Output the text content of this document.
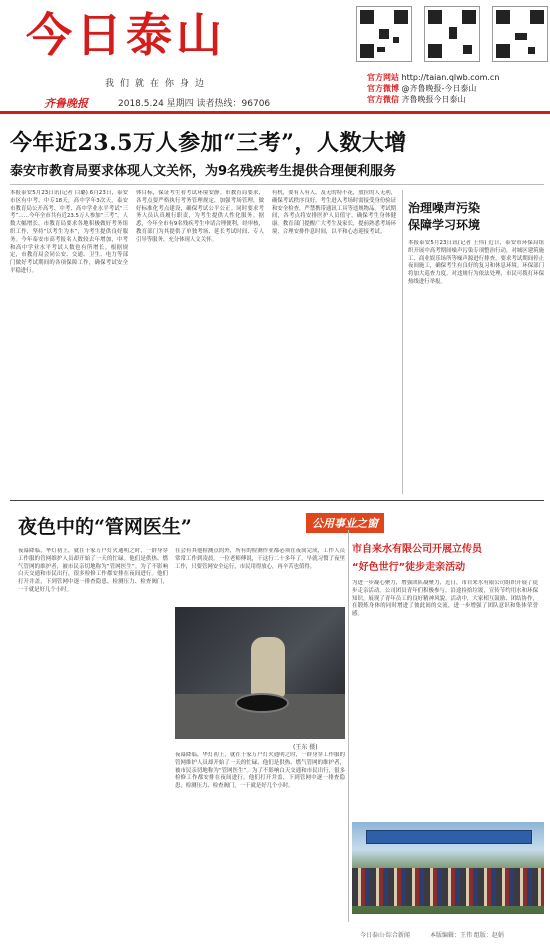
今日泰山
我们就在你身边
齐鲁晚报	2018.5.24 星期四 读者热线：96706
官方网站 http://taian.qlwb.com.cn
官方微博 @齐鲁晚报-今日泰山
官方微信 齐鲁晚报今日泰山
今年近23.5万人参加“三考”，人数大增
泰安市教育局要求体现人文关怀，为9名残疾考生提供合理便利服务
本报泰安5月23日讯(记者 白璐) 6月23日，泰安市区有中考、中专18天，高中学年3次天，泰安市教育局公开高考、中考、高中学业水平考试“三考”……今年全市共有近23.5万人参加“三考”，人数大幅增长。市教育局要求各地积极做好考务组织工作，坚持“以考生为本”，为考生提供良好服务。今年泰安市高考报名人数较去年增加，中考和高中学业水平考试人数也有所增长。根据规定，市教育局会同公安、交通、卫生、电力等部门做好考试期间的各项保障工作，确保考试安全平稳进行。
体目标，保证考生看考试环境安静。市教育局要求，各考点要严格执行考务管理规定，加强考场管理，做好标准化考点建设，确保考试公平公正。同时要求考务人员认真履行职责，为考生提供人性化服务。据悉，今年全市有9名残疾考生申请合理便利，经审核，教育部门为其提供了单独考场、延长考试时间、专人引导等服务，充分体现人文关怀。
有机，要有人有人，及无的特不花，放拉的人无利，确保考试秩序良好。考生进入考场时需接受身份验证和安全检查，严禁携带通讯工具等违规物品。考试期间，各考点将安排医护人员值守，确保考生身体健康。教育部门提醒广大考生及家长，提前熟悉考场环境，合理安排作息时间，以平和心态迎接考试。
治理噪声污染
保障学习环境
本报泰安5月23日讯(记者 王伟) 近日，泰安市环保局组织开展中高考期间噪声污染专项整治行动，对城区建筑施工、商业娱乐场所等噪声源进行排查，要求考试期间停止夜间施工，确保考生有良好的复习和休息环境。环保部门将加大巡查力度，对违规行为依法处理，市民可拨打环保热线进行举报。
夜色中的“管网医生”	公用事业之窗
夜幕降临，华灯初上，就在千家万户灯火通明之时，一群身穿工作服的管网维护人员却开始了一天的忙碌。他们是供热、燃气管网的维护者，被市民亲切地称为“管网医生”。为了不影响白天交通和市民出行，很多检修工作都安排在夜间进行。他们打开井盖，下到管网中逐一排查隐患，检测压力、检查阀门，一干就是好几个小时。
在会有其他检测点的外，所有的检测作业都必须在夜间完成，工作人员常常工作到凌晨。一位老师傅说，干这行二十多年了，早就习惯了夜里工作，只要管网安全运行，市民用得放心，再辛苦也值得。
(王东 摄)
夜幕降临，华灯初上，就在千家万户灯火通明之时，一群身穿工作服的管网维护人员却开始了一天的忙碌。他们是供热、燃气管网的维护者，被市民亲切地称为“管网医生”。为了不影响白天交通和市民出行，很多检修工作都安排在夜间进行。他们打开井盖，下到管网中逐一排查隐患，检测压力、检查阀门，一干就是好几个小时。
市自来水有限公司开展立传员
“好色世行”徒步走亲活动
为进一步凝心聚力，增强团队凝聚力，近日，市自来水有限公司组织开展了徒步走亲活动。公司团员青年们积极参与，沿途捡拾垃圾，宣传节约用水和环保知识，展现了青年员工的良好精神风貌。活动中，大家相互鼓励、团结协作，在锻炼身体的同时增进了彼此间的交流，进一步增强了团队意识和集体荣誉感。
今日泰山·综合新闻	本版编辑：王伟 组版：赵娟
